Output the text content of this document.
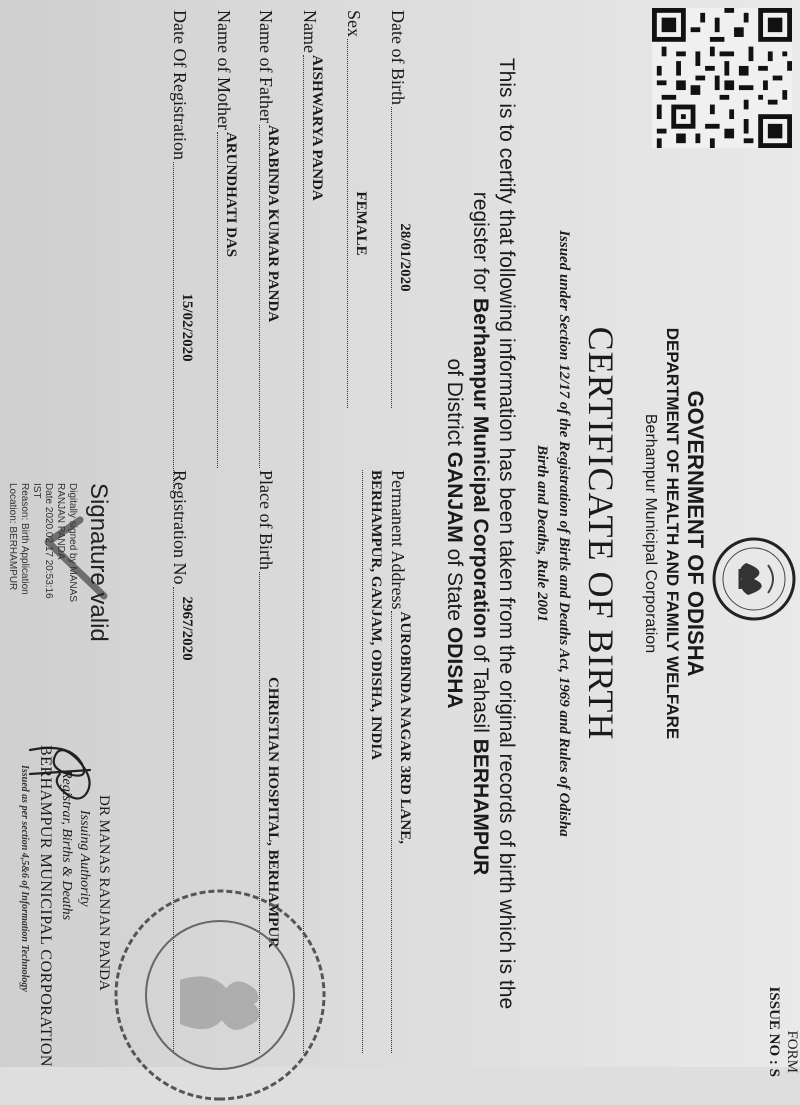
FORM
ISSUE NO : S
GOVERNMENT OF ODISHA
DEPARTMENT OF HEALTH AND FAMILY WELFARE
Berhampur Municipal Corporation
CERTIFICATE OF BIRTH
Issued under Section 12/17 of the Registration of Birtls and Deaths Act, 1969 and Rules of Odisha
Birth and Deaths, Rule 2001
This is to certify that following information has been taken from the original records of birth which is the
register for Berhampur Municipal Corporation of Tahasil BERHAMPUR
of District GANJAM of State ODISHA
Date of Birth
28/01/2020
Sex
FEMALE
Name
AISHWARYA PANDA
Name of Father
ARABINDA KUMAR PANDA
Name of Mother
ARUNDHATI DAS
Date Of Registration
15/02/2020
Permanent Address
AUROBINDA NAGAR 3RD LANE,
BERHAMPUR, GANJAM, ODISHA, INDIA
Place of Birth
CHRISTIAN HOSPITAL, BERHAMPUR
Registration No
2967/2020
Signature valid
Digitally signed by MANAS
RANJAN PANDA
Date 2020.02.17 20:53:16
IST
Reason: Birth Application
Location: BERHAMPUR
DR MANAS RANJAN PANDA
Issuing Authority
Registrar, Births & Deaths
BERHAMPUR MUNICIPAL CORPORATION
Issued as per section 4,5&6 of Information Technology
